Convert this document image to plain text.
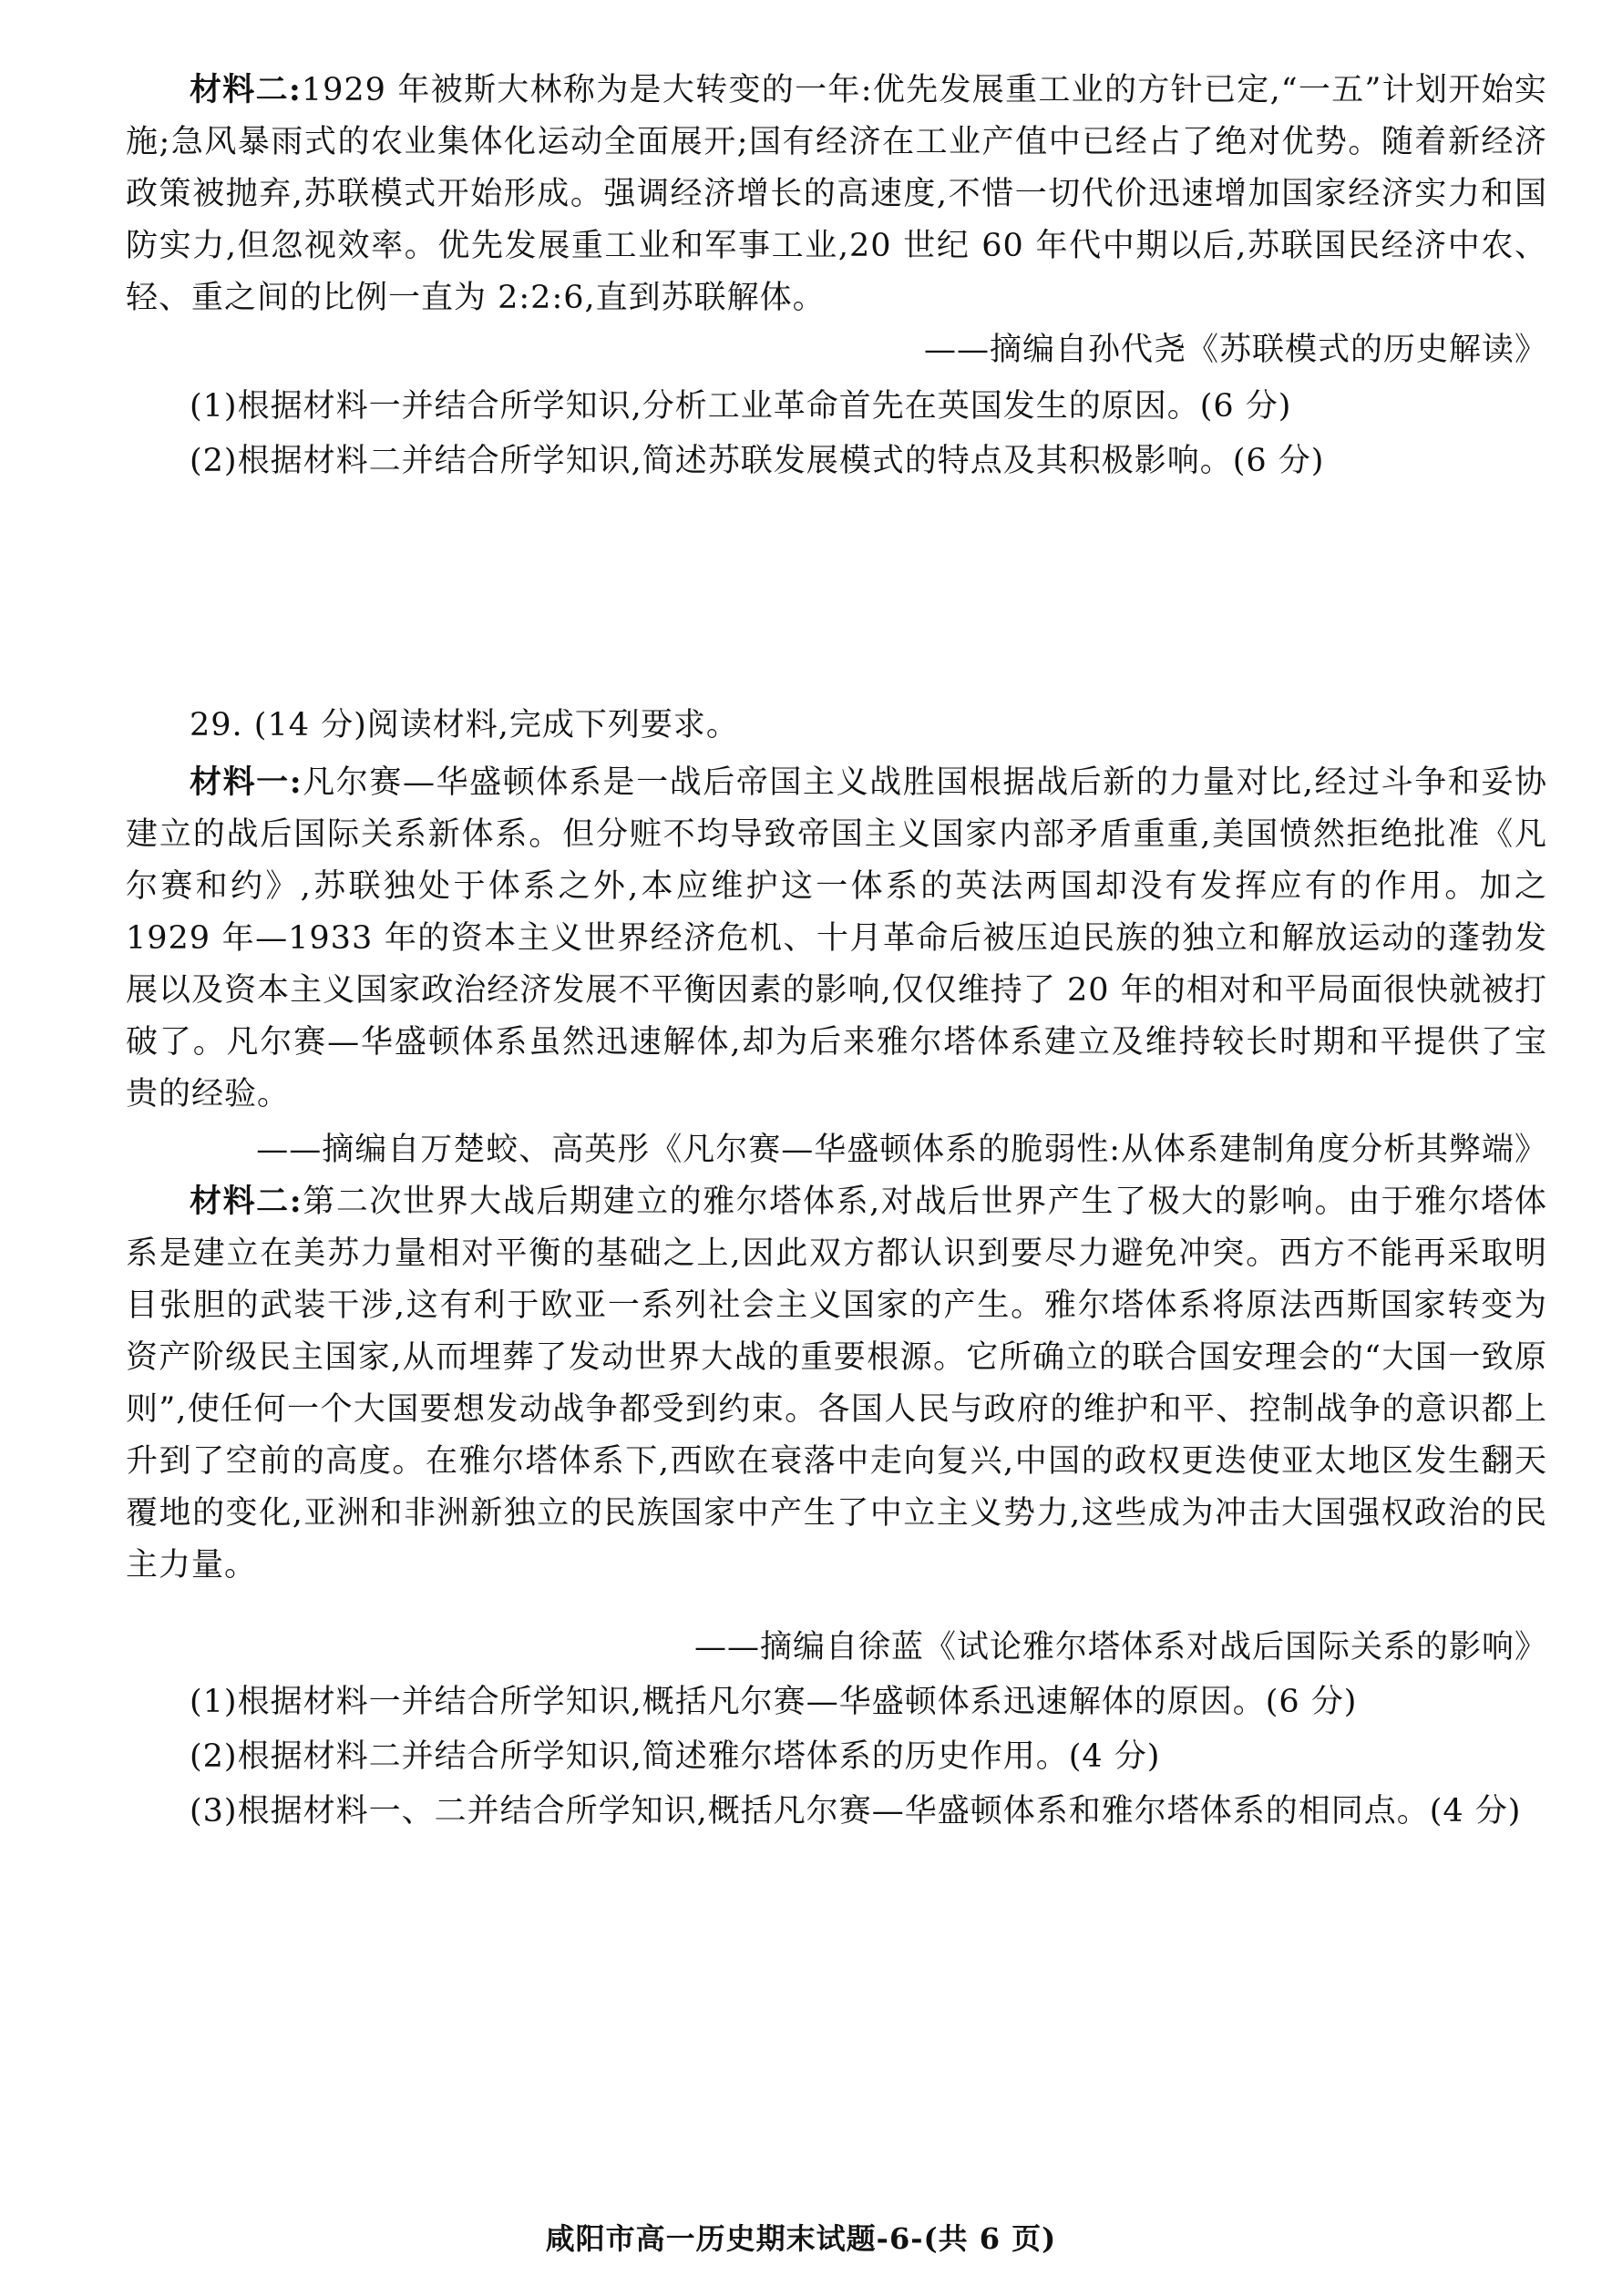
材料二:1929 年被斯大林称为是大转变的一年:优先发展重工业的方针已定,“一五”计划开始实施;急风暴雨式的农业集体化运动全面展开;国有经济在工业产值中已经占了绝对优势。随着新经济政策被抛弃,苏联模式开始形成。强调经济增长的高速度,不惜一切代价迅速增加国家经济实力和国防实力,但忽视效率。优先发展重工业和军事工业,20 世纪 60 年代中期以后,苏联国民经济中农、轻、重之间的比例一直为 2:2:6,直到苏联解体。

——摘编自孙代尧《苏联模式的历史解读》

(1)根据材料一并结合所学知识,分析工业革命首先在英国发生的原因。(6 分)

(2)根据材料二并结合所学知识,简述苏联发展模式的特点及其积极影响。(6 分)

29. (14 分)阅读材料,完成下列要求。

材料一:凡尔赛—华盛顿体系是一战后帝国主义战胜国根据战后新的力量对比,经过斗争和妥协建立的战后国际关系新体系。但分赃不均导致帝国主义国家内部矛盾重重,美国愤然拒绝批准《凡尔赛和约》,苏联独处于体系之外,本应维护这一体系的英法两国却没有发挥应有的作用。加之 1929 年—1933 年的资本主义世界经济危机、十月革命后被压迫民族的独立和解放运动的蓬勃发展以及资本主义国家政治经济发展不平衡因素的影响,仅仅维持了 20 年的相对和平局面很快就被打破了。凡尔赛—华盛顿体系虽然迅速解体,却为后来雅尔塔体系建立及维持较长时期和平提供了宝贵的经验。

——摘编自万楚蛟、高英彤《凡尔赛—华盛顿体系的脆弱性:从体系建制角度分析其弊端》

材料二:第二次世界大战后期建立的雅尔塔体系,对战后世界产生了极大的影响。由于雅尔塔体系是建立在美苏力量相对平衡的基础之上,因此双方都认识到要尽力避免冲突。西方不能再采取明目张胆的武装干涉,这有利于欧亚一系列社会主义国家的产生。雅尔塔体系将原法西斯国家转变为资产阶级民主国家,从而埋葬了发动世界大战的重要根源。它所确立的联合国安理会的“大国一致原则”,使任何一个大国要想发动战争都受到约束。各国人民与政府的维护和平、控制战争的意识都上升到了空前的高度。在雅尔塔体系下,西欧在衰落中走向复兴,中国的政权更迭使亚太地区发生翻天覆地的变化,亚洲和非洲新独立的民族国家中产生了中立主义势力,这些成为冲击大国强权政治的民主力量。

——摘编自徐蓝《试论雅尔塔体系对战后国际关系的影响》

(1)根据材料一并结合所学知识,概括凡尔赛—华盛顿体系迅速解体的原因。(6 分)

(2)根据材料二并结合所学知识,简述雅尔塔体系的历史作用。(4 分)

(3)根据材料一、二并结合所学知识,概括凡尔赛—华盛顿体系和雅尔塔体系的相同点。(4 分)

咸阳市高一历史期末试题-6-(共 6 页)
